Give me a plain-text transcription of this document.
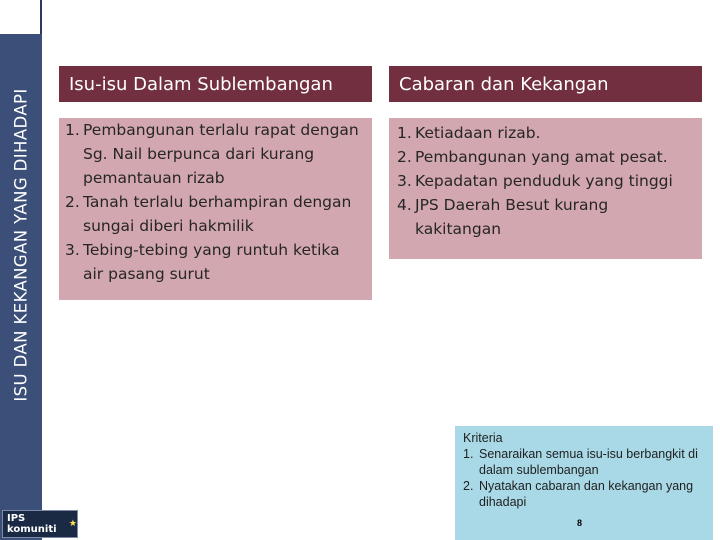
ISU DAN KEKANGAN YANG DIHADAPI
IPS komuniti	★
Isu-isu Dalam Sublembangan
1. Pembangunan terlalu rapat dengan Sg. Nail berpunca dari kurang pemantauan rizab
2. Tanah terlalu berhampiran dengan sungai diberi hakmilik
3. Tebing-tebing yang runtuh ketika air pasang surut
Cabaran dan Kekangan
1. Ketiadaan rizab.
2. Pembangunan yang amat pesat.
3. Kepadatan penduduk yang tinggi
4. JPS Daerah Besut kurang kakitangan
Kriteria
1. Senaraikan semua isu-isu berbangkit di dalam sublembangan
2. Nyatakan cabaran dan kekangan yang dihadapi
8
